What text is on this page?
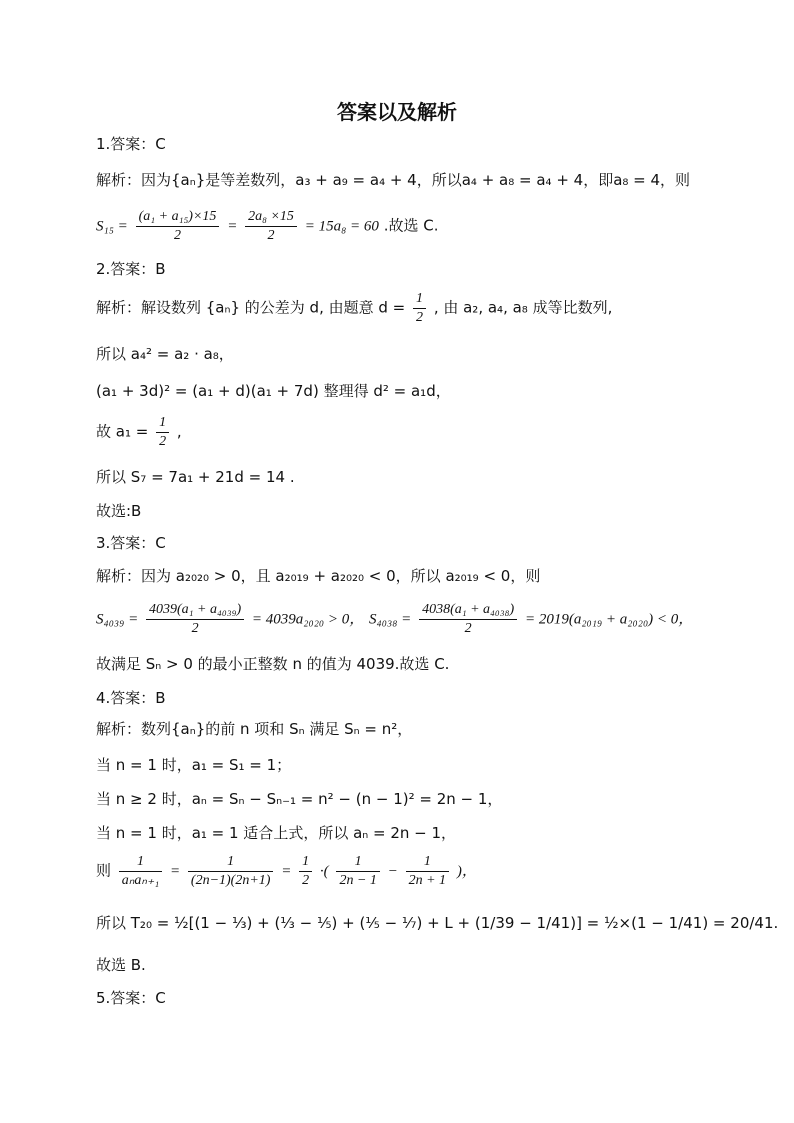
答案以及解析
1.答案：C
解析：因为{aₙ}是等差数列，a₃ + a₉ = a₄ + 4，所以a₄ + a₈ = a₄ + 4，即a₈ = 4，则
$S_{15} = \frac{\text{(a₁ + a₁₅)×15}}{2} = \frac{\text{2a₈ ×15}}{2} = 15a_8 = 60$ .故选 C.
2.答案：B
解析：解设数列 {aₙ} 的公差为 d, 由题意 $d = \frac{1}{2}$ , 由 a₂, a₄, a₈ 成等比数列,
所以 a₄² = a₂ · a₈，
(a₁ + 3d)² = (a₁ + d)(a₁ + 7d) 整理得 d² = a₁d，
故 $a_1 = \frac{1}{2}$ ,
所以 S₇ = 7a₁ + 21d = 14 .
故选:B
3.答案：C
解析：因为 a₂₀₂₀ > 0，且 a₂₀₁₉ + a₂₀₂₀ < 0，所以 a₂₀₁₉ < 0，则
$S_{4039} = \frac{\text{4039(a₁ + a₄₀₃₉)}}{2} = 4039a_{2020} > 0$， $S_{4038} = \frac{\text{4038(a₁ + a₄₀₃₈)}}{2} = 2019(a_{2019} + a_{2020}) < 0$，
故满足 Sₙ > 0 的最小正整数 n 的值为 4039.故选 C.
4.答案：B
解析：数列{aₙ}的前 n 项和 Sₙ 满足 Sₙ = n²，
当 n = 1 时，a₁ = S₁ = 1；
当 n ≥ 2 时，aₙ = Sₙ − Sₙ₋₁ = n² − (n − 1)² = 2n − 1，
当 n = 1 时，a₁ = 1 适合上式，所以 aₙ = 2n − 1，
则 $\frac{1}{\text{aₙaₙ₊₁}} = \frac{1}{(2n-1)(2n+1)} = \frac{1}{2}$ ·( $\frac{1}{2n - 1} - \frac{1}{2n + 1}$ )，
所以 T₂₀ = ½[(1 − ⅓) + (⅓ − ⅕) + (⅕ − ⅐) + L + (1/39 − 1/41)] = ½×(1 − 1/41) = 20/41.
故选 B.
5.答案：C
